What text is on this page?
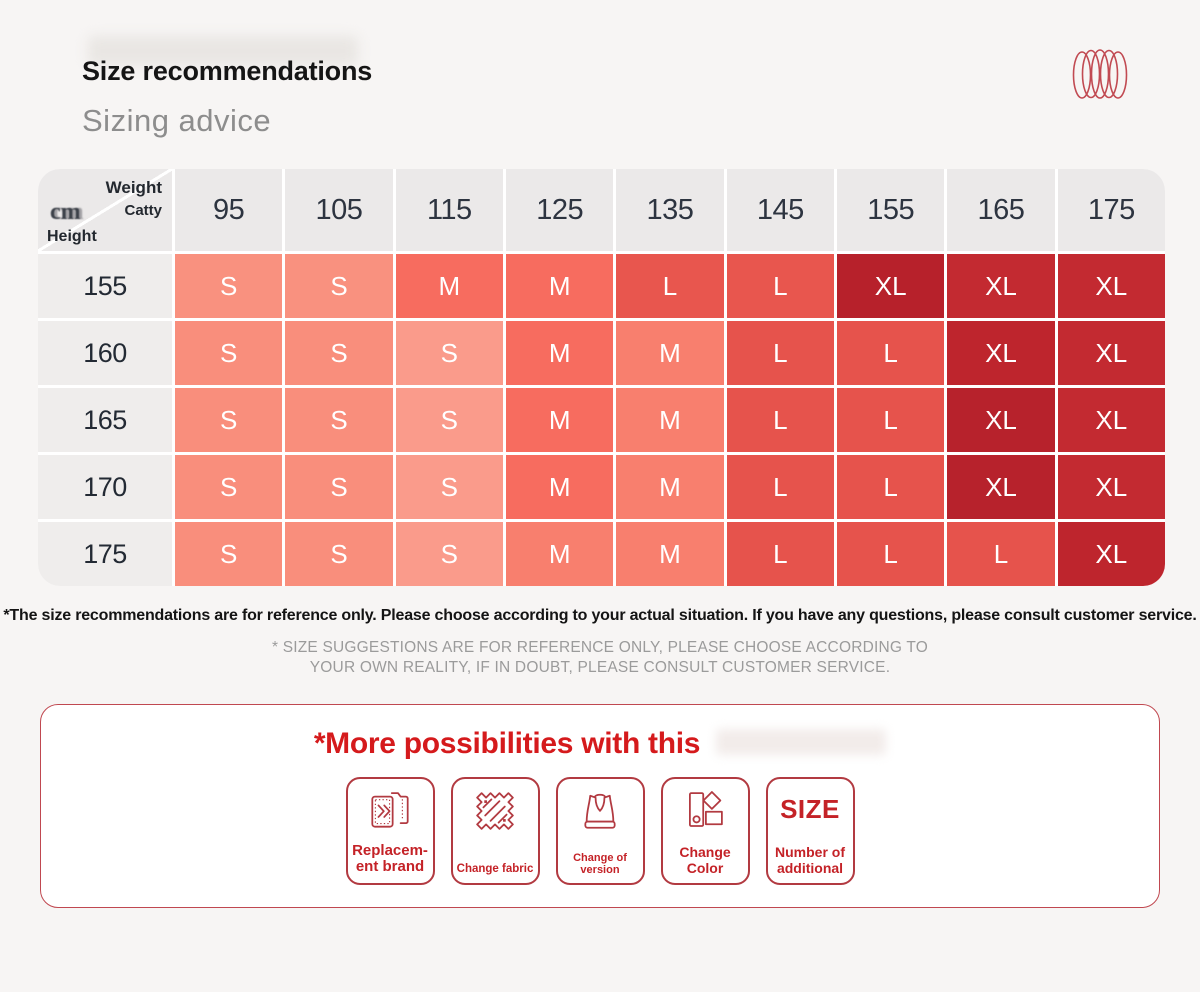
Size recommendations
Sizing advice
Weight
Catty
cm
Height
95	105	115	125	135	145	155	165	175
155	S	S	M	M	L	L	XL	XL	XL
160	S	S	S	M	M	L	L	XL	XL
165	S	S	S	M	M	L	L	XL	XL
170	S	S	S	M	M	L	L	XL	XL
175	S	S	S	M	M	L	L	L	XL

*The size recommendations are for reference only. Please choose according to your actual situation. If you have any questions, please consult customer service.

* SIZE SUGGESTIONS ARE FOR REFERENCE ONLY, PLEASE CHOOSE ACCORDING TO
YOUR OWN REALITY, IF IN DOUBT, PLEASE CONSULT CUSTOMER SERVICE.

*More possibilities with this
Replacem-
ent brand	Change fabric
Change of
version
Change
Color
SIZE
Number of
additional
